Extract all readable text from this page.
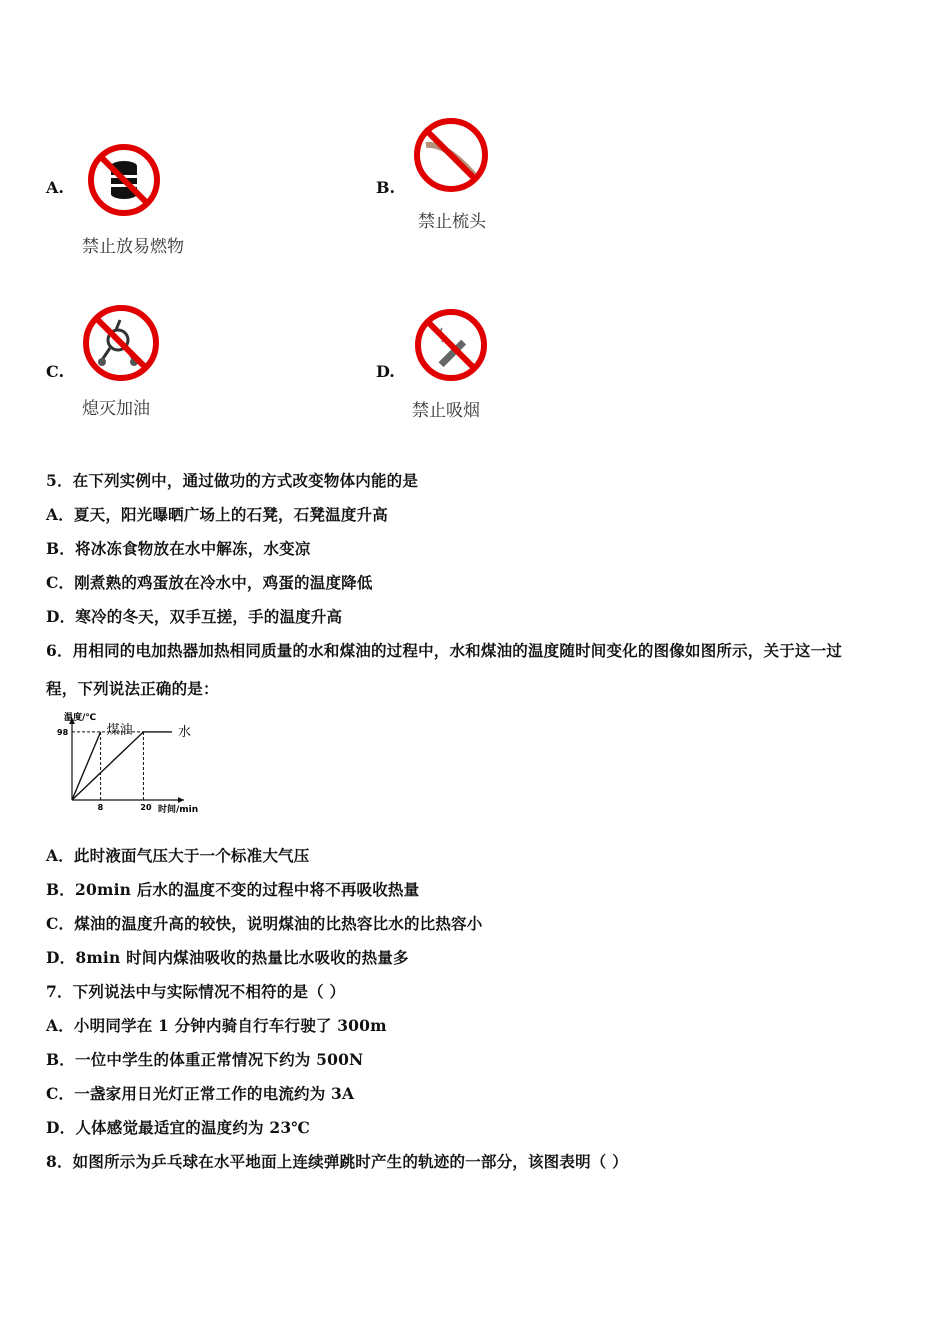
A.
禁止放易燃物
B.
禁止梳头
C.
熄灭加油
D.
禁止吸烟
5．在下列实例中，通过做功的方式改变物体内能的是
A．夏天，阳光曝晒广场上的石凳，石凳温度升高
B．将冰冻食物放在水中解冻，水变凉
C．刚煮熟的鸡蛋放在冷水中，鸡蛋的温度降低
D．寒冷的冬天，双手互搓，手的温度升高
6．用相同的电加热器加热相同质量的水和煤油的过程中，水和煤油的温度随时间变化的图像如图所示，关于这一过
程，下列说法正确的是：
温度/℃
时间/min
8	20
98	煤油	水
A．此时液面气压大于一个标准大气压
B．20min 后水的温度不变的过程中将不再吸收热量
C．煤油的温度升高的较快，说明煤油的比热容比水的比热容小
D．8min 时间内煤油吸收的热量比水吸收的热量多
7．下列说法中与实际情况不相符的是（ ）
A．小明同学在 1 分钟内骑自行车行驶了 300m
B．一位中学生的体重正常情况下约为 500N
C．一盏家用日光灯正常工作的电流约为 3A
D．人体感觉最适宜的温度约为 23℃
8．如图所示为乒乓球在水平地面上连续弹跳时产生的轨迹的一部分，该图表明（ ）
